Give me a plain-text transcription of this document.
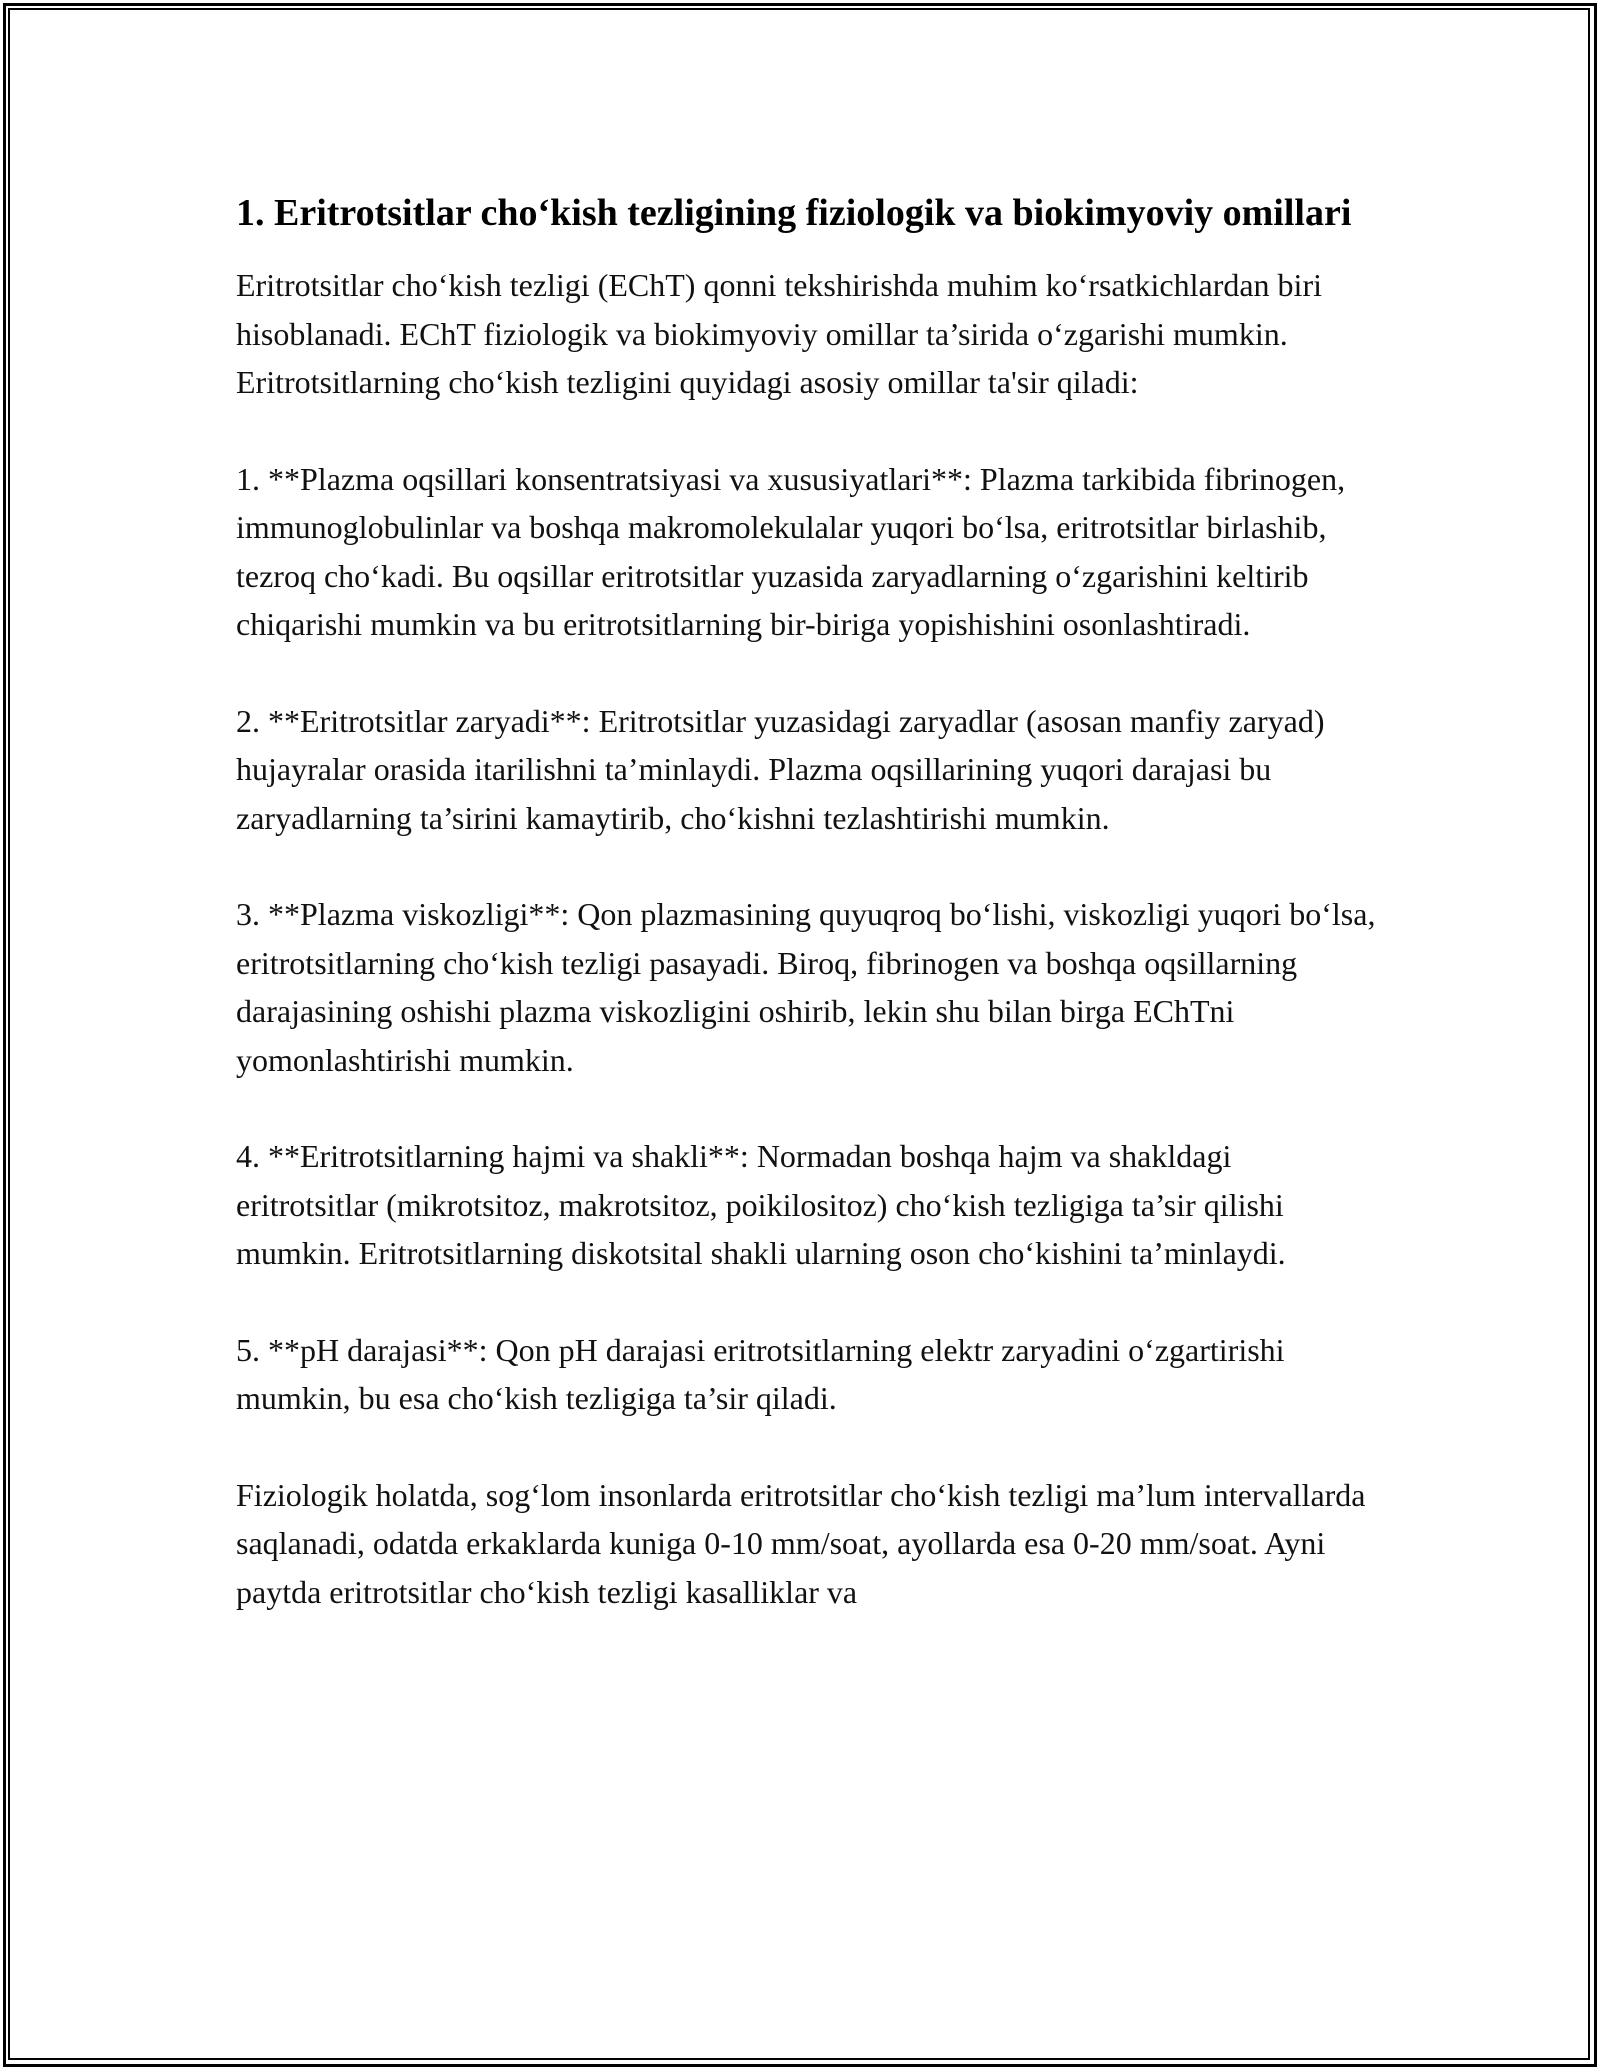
1. Eritrotsitlar cho‘kish tezligining fiziologik va biokimyoviy omillari

Eritrotsitlar cho‘kish tezligi (EChT) qonni tekshirishda muhim ko‘rsatkichlardan biri hisoblanadi. EChT fiziologik va biokimyoviy omillar ta’sirida o‘zgarishi mumkin. Eritrotsitlarning cho‘kish tezligini quyidagi asosiy omillar ta'sir qiladi:

1. **Plazma oqsillari konsentratsiyasi va xususiyatlari**: Plazma tarkibida fibrinogen, immunoglobulinlar va boshqa makromolekulalar yuqori bo‘lsa, eritrotsitlar birlashib, tezroq cho‘kadi. Bu oqsillar eritrotsitlar yuzasida zaryadlarning o‘zgarishini keltirib chiqarishi mumkin va bu eritrotsitlarning bir-biriga yopishishini osonlashtiradi.

2. **Eritrotsitlar zaryadi**: Eritrotsitlar yuzasidagi zaryadlar (asosan manfiy zaryad) hujayralar orasida itarilishni ta’minlaydi. Plazma oqsillarining yuqori darajasi bu zaryadlarning ta’sirini kamaytirib, cho‘kishni tezlashtirishi mumkin.

3. **Plazma viskozligi**: Qon plazmasining quyuqroq bo‘lishi, viskozligi yuqori bo‘lsa, eritrotsitlarning cho‘kish tezligi pasayadi. Biroq, fibrinogen va boshqa oqsillarning darajasining oshishi plazma viskozligini oshirib, lekin shu bilan birga EChTni yomonlashtirishi mumkin.

4. **Eritrotsitlarning hajmi va shakli**: Normadan boshqa hajm va shakldagi eritrotsitlar (mikrotsitoz, makrotsitoz, poikilositoz) cho‘kish tezligiga ta’sir qilishi mumkin. Eritrotsitlarning diskotsital shakli ularning oson cho‘kishini ta’minlaydi.

5. **pH darajasi**: Qon pH darajasi eritrotsitlarning elektr zaryadini o‘zgartirishi mumkin, bu esa cho‘kish tezligiga ta’sir qiladi.

Fiziologik holatda, sog‘lom insonlarda eritrotsitlar cho‘kish tezligi ma’lum intervallarda saqlanadi, odatda erkaklarda kuniga 0-10 mm/soat, ayollarda esa 0-20 mm/soat. Ayni paytda eritrotsitlar cho‘kish tezligi kasalliklar va
